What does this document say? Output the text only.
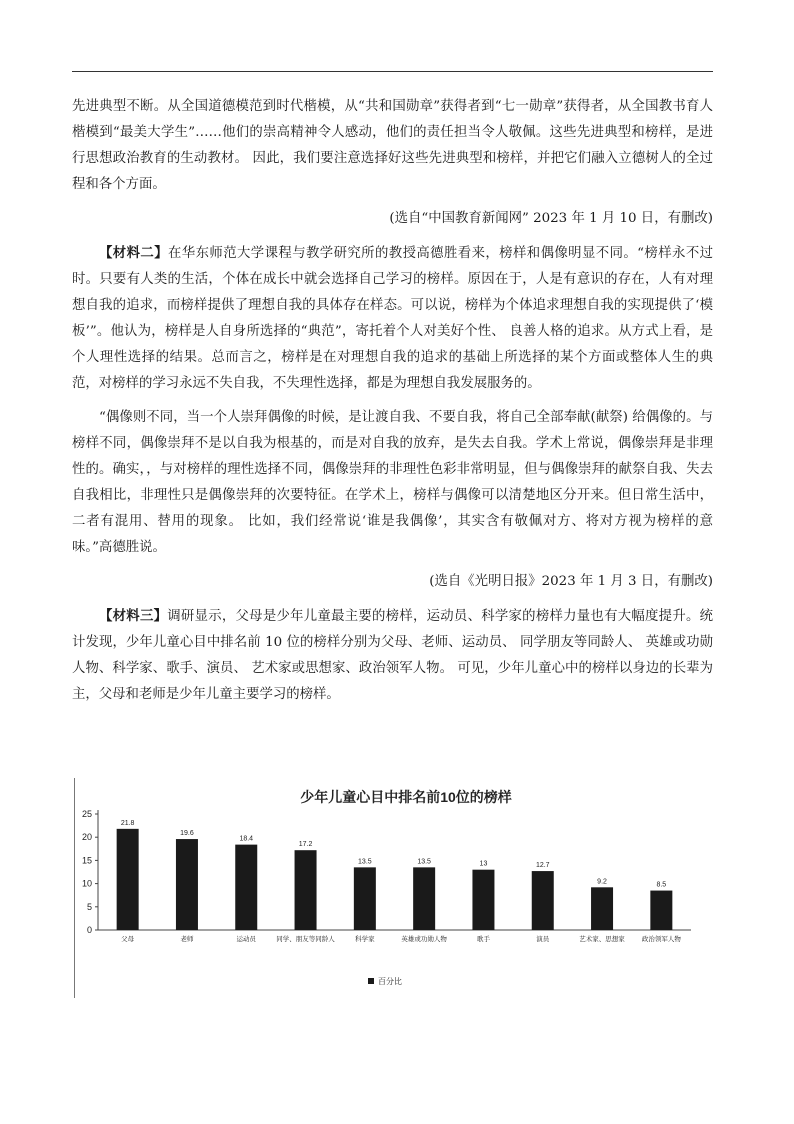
先进典型不断。从全国道德模范到时代楷模，从“共和国勋章”获得者到“七一勋章”获得者，从全国教书育人楷模到“最美大学生”……他们的崇高精神令人感动，他们的责任担当令人敬佩。这些先进典型和榜样，是进行思想政治教育的生动教材。 因此，我们要注意选择好这些先进典型和榜样，并把它们融入立德树人的全过程和各个方面。

(选自“中国教育新闻网” 2023 年 1 月 10 日，有删改)

【材料二】在华东师范大学课程与教学研究所的教授高德胜看来，榜样和偶像明显不同。“榜样永不过时。只要有人类的生活，个体在成长中就会选择自己学习的榜样。原因在于，人是有意识的存在，人有对理想自我的追求，而榜样提供了理想自我的具体存在样态。可以说，榜样为个体追求理想自我的实现提供了‘模板’”。他认为，榜样是人自身所选择的“典范”，寄托着个人对美好个性、 良善人格的追求。从方式上看，是个人理性选择的结果。总而言之，榜样是在对理想自我的追求的基础上所选择的某个方面或整体人生的典范，对榜样的学习永远不失自我，不失理性选择，都是为理想自我发展服务的。

“偶像则不同，当一个人崇拜偶像的时候，是让渡自我、不要自我，将自己全部奉献(献祭) 给偶像的。与榜样不同，偶像崇拜不是以自我为根基的，而是对自我的放弃，是失去自我。学术上常说，偶像崇拜是非理性的。确实，，与对榜样的理性选择不同，偶像崇拜的非理性色彩非常明显，但与偶像崇拜的献祭自我、失去自我相比，非理性只是偶像崇拜的次要特征。在学术上，榜样与偶像可以清楚地区分开来。但日常生活中，二者有混用、替用的现象。 比如，我们经常说‘谁是我偶像’，其实含有敬佩对方、将对方视为榜样的意味。”高德胜说。

(选自《光明日报》2023 年 1 月 3 日，有删改)

【材料三】调研显示，父母是少年儿童最主要的榜样，运动员、科学家的榜样力量也有大幅度提升。统计发现，少年儿童心目中排名前 10 位的榜样分别为父母、老师、运动员、 同学朋友等同龄人、 英雄或功勋人物、科学家、歌手、演员、 艺术家或思想家、政治领军人物。 可见，少年儿童心中的榜样以身边的长辈为主，父母和老师是少年儿童主要学习的榜样。

少年儿童心目中排名前10位的榜样
0
5
10
15
20
25
21.8
父母
19.6
老师
18.4
运动员
17.2
同学、朋友等同龄人
13.5
科学家
13.5
英雄或功勋人物
13
歌手
12.7
演员
9.2
艺术家、思想家
8.5
政治领军人物
百分比
